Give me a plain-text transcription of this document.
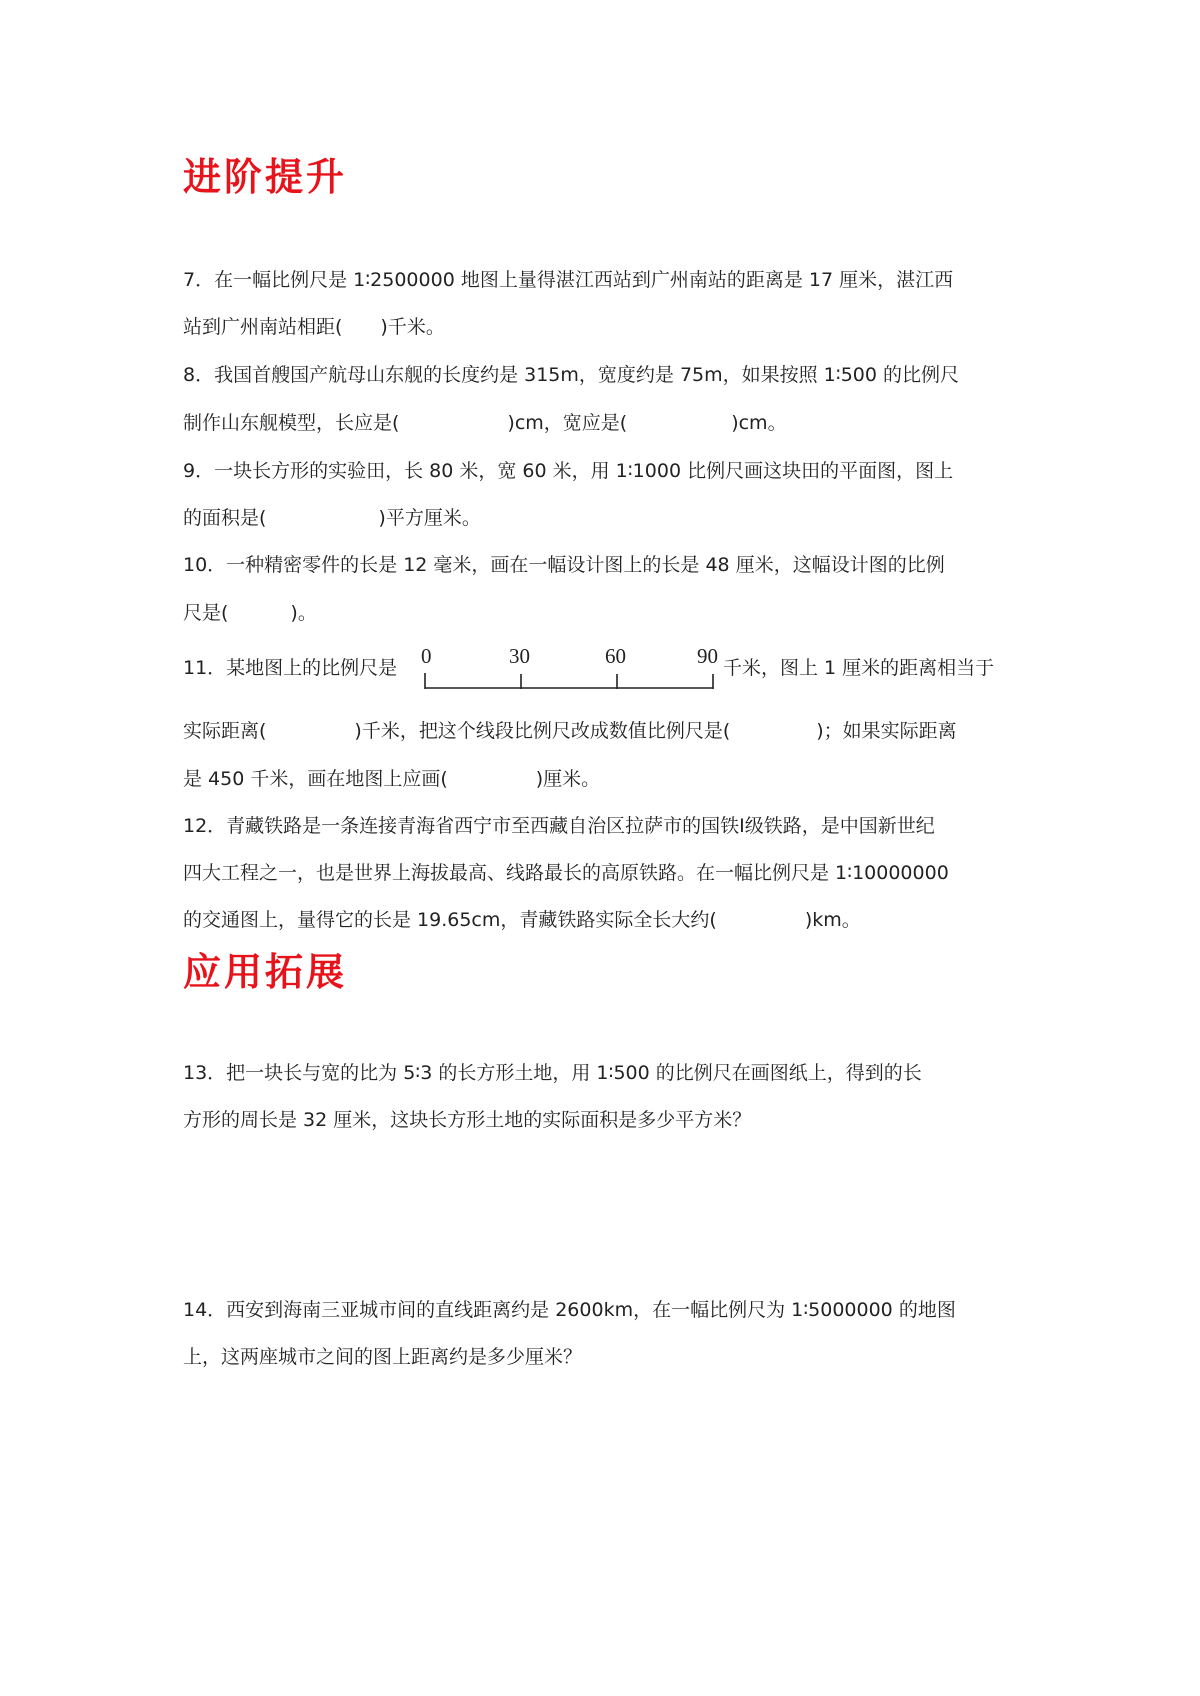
进阶提升
7．在一幅比例尺是 1∶2500000 地图上量得湛江西站到广州南站的距离是 17 厘米，湛江西
站到广州南站相距( )千米。
8．我国首艘国产航母山东舰的长度约是 315m，宽度约是 75m，如果按照 1∶500 的比例尺
制作山东舰模型，长应是(	)cm，宽应是(	)cm。
9．一块长方形的实验田，长 80 米，宽 60 米，用 1∶1000 比例尺画这块田的平面图，图上
的面积是(	)平方厘米。
10．一种精密零件的长是 12 毫米，画在一幅设计图上的长是 48 厘米，这幅设计图的比例
尺是(	)。
11．某地图上的比例尺是 0	30	60	90 千米，图上 1 厘米的距离相当于
实际距离(	)千米，把这个线段比例尺改成数值比例尺是(	)；如果实际距离
是 450 千米，画在地图上应画(	)厘米。
12．青藏铁路是一条连接青海省西宁市至西藏自治区拉萨市的国铁Ⅰ级铁路，是中国新世纪
四大工程之一，也是世界上海拔最高、线路最长的高原铁路。在一幅比例尺是 1∶10000000
的交通图上，量得它的长是 19.65cm，青藏铁路实际全长大约(	)km。
应用拓展
13．把一块长与宽的比为 5∶3 的长方形土地，用 1∶500 的比例尺在画图纸上，得到的长
方形的周长是 32 厘米，这块长方形土地的实际面积是多少平方米？
14．西安到海南三亚城市间的直线距离约是 2600km，在一幅比例尺为 1∶5000000 的地图
上，这两座城市之间的图上距离约是多少厘米？
